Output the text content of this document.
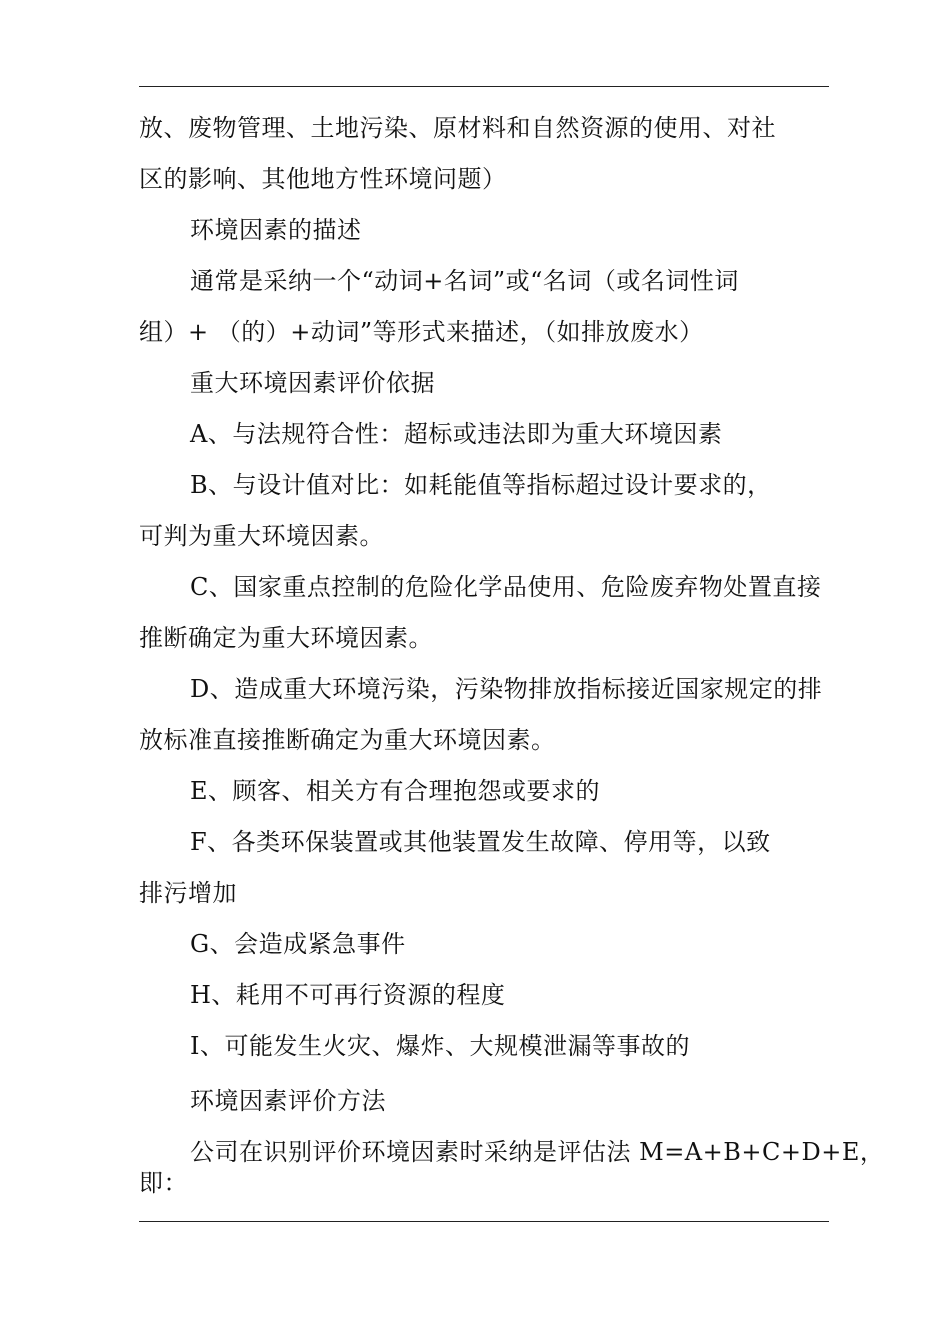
放、废物管理、土地污染、原材料和自然资源的使用、对社
区的影响、其他地方性环境问题）
环境因素的描述
通常是采纳一个“动词+名词”或“名词（或名词性词
组）+ （的）+动词”等形式来描述，（如排放废水）
重大环境因素评价依据
A、与法规符合性：超标或违法即为重大环境因素
B、与设计值对比：如耗能值等指标超过设计要求的，
可判为重大环境因素。
C、国家重点控制的危险化学品使用、危险废弃物处置直接
推断确定为重大环境因素。
D、造成重大环境污染，污染物排放指标接近国家规定的排
放标准直接推断确定为重大环境因素。
E、顾客、相关方有合理抱怨或要求的
F、各类环保装置或其他装置发生故障、停用等，以致
排污增加
G、会造成紧急事件
H、耗用不可再行资源的程度
I、可能发生火灾、爆炸、大规模泄漏等事故的
环境因素评价方法
公司在识别评价环境因素时采纳是评估法 M=A+B+C+D+E，
即：
